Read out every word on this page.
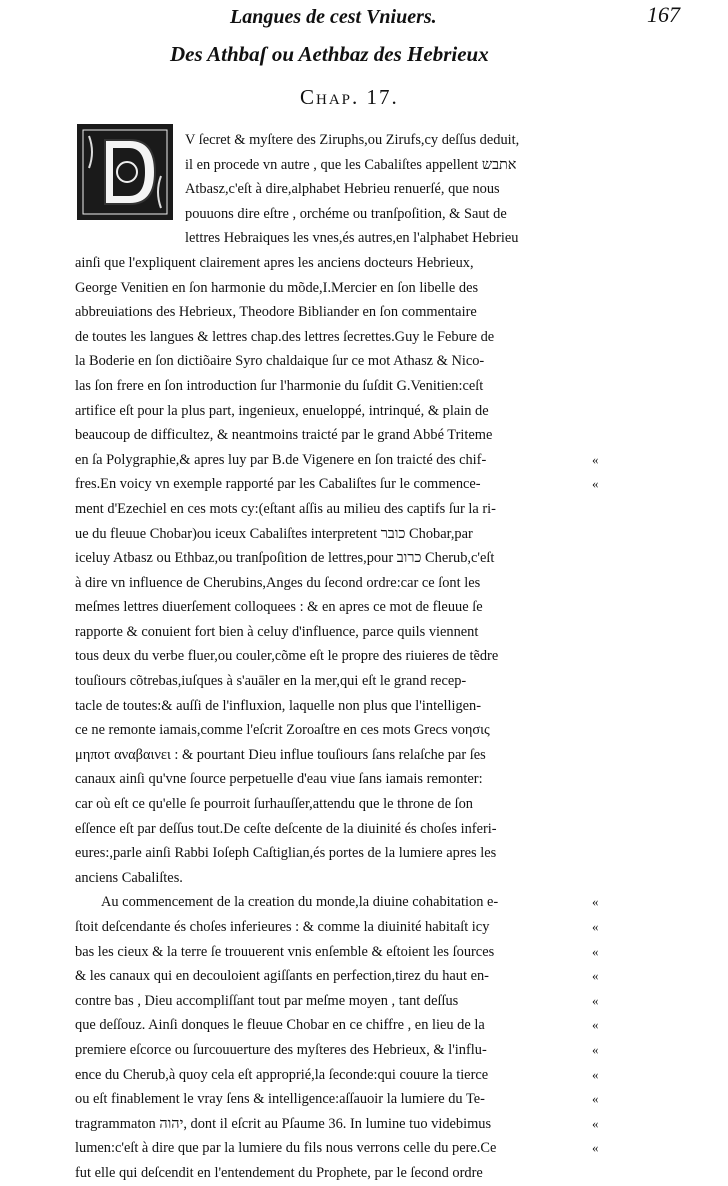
Langues de cest Vniuers.	167
Des Athbaſ ou Aethbaz des Hebrieux
Chap. 17.
V ſecret & myſtere des Ziruphs,ou Zirufs,cy deſſus deduit,
il en procede vn autre , que les Cabaliſtes appellent אתבש
Atbasz,c'eſt à dire,alphabet Hebrieu renuerſé, que nous
pouuons dire eſtre , orchéme ou tranſpoſition, & Saut de
lettres Hebraiques les vnes,és autres,en l'alphabet Hebrieu
ainſi que l'expliquent clairement apres les anciens docteurs Hebrieux,
George Venitien en ſon harmonie du mõde,I.Mercier en ſon libelle des
abbreuiations des Hebrieux, Theodore Bibliander en ſon commentaire
de toutes les langues & lettres chap.des lettres ſecrettes.Guy le Febure de
la Boderie en ſon dictiõaire Syro chaldaique ſur ce mot Athasz & Nico-
las ſon frere en ſon introduction ſur l'harmonie du ſuſdit G.Venitien:ceſt
artifice eſt pour la plus part, ingenieux, enueloppé, intrinqué, & plain de
beaucoup de difficultez, & neantmoins traicté par le grand Abbé Triteme
en ſa Polygraphie,& apres luy par B.de Vigenere en ſon traicté des chif-
fres.En voicy vn exemple rapporté par les Cabaliſtes ſur le commence-
ment d'Ezechiel en ces mots cy:(eſtant aſſis au milieu des captifs ſur la ri-
ue du fleuue Chobar)ou iceux Cabaliſtes interpretent כובר Chobar,par
iceluy Atbasz ou Ethbaz,ou tranſpoſition de lettres,pour כרוב Cherub,c'eſt
à dire vn influence de Cherubins,Anges du ſecond ordre:car ce ſont les
meſmes lettres diuerſement colloquees : & en apres ce mot de fleuue ſe
rapporte & conuient fort bien à celuy d'influence, parce quils viennent
tous deux du verbe fluer,ou couler,cõme eſt le propre des riuieres de tẽdre
touſiours cõtrebas,iuſques à s'auāler en la mer,qui eſt le grand recep-
tacle de toutes:& auſſi de l'influxion, laquelle non plus que l'intelligen-
ce ne remonte iamais,comme l'eſcrit Zoroaſtre en ces mots Grecs νοησις
μηποτ αναβαινει : & pourtant Dieu influe touſiours ſans relaſche par ſes
canaux ainſi qu'vne ſource perpetuelle d'eau viue ſans iamais remonter:
car où eſt ce qu'elle ſe pourroit ſurhauſſer,attendu que le throne de ſon
eſſence eſt par deſſus tout.De ceſte deſcente de la diuinité és choſes inferi-
eures:,parle ainſi Rabbi Ioſeph Caſtiglian,és portes de la lumiere apres les
anciens Cabaliſtes.
Au commencement de la creation du monde,la diuine cohabitation e-
ſtoit deſcendante és choſes inferieures : & comme la diuinité habitaſt icy
bas les cieux & la terre ſe trouuerent vnis enſemble & eſtoient les ſources
& les canaux qui en decouloient agiſſants en perfection,tirez du haut en-
contre bas , Dieu accompliſſant tout par meſme moyen , tant deſſus
que deſſouz. Ainſi donques le fleuue Chobar en ce chiffre , en lieu de la
premiere eſcorce ou ſurcouuerture des myſteres des Hebrieux, & l'influ-
ence du Cherub,à quoy cela eſt approprié,la ſeconde:qui couure la tierce
ou eſt finablement le vray ſens & intelligence:aſſauoir la lumiere du Te-
tragrammaton יהוה, dont il eſcrit au Pſaume 36. In lumine tuo videbimus
lumen:c'eſt à dire que par la lumiere du fils nous verrons celle du pere.Ce
fut elle qui deſcendit en l'entendement du Prophete, par le ſecond ordre
«
«
«
«
«
«
«
«
«
«
«
«
«
